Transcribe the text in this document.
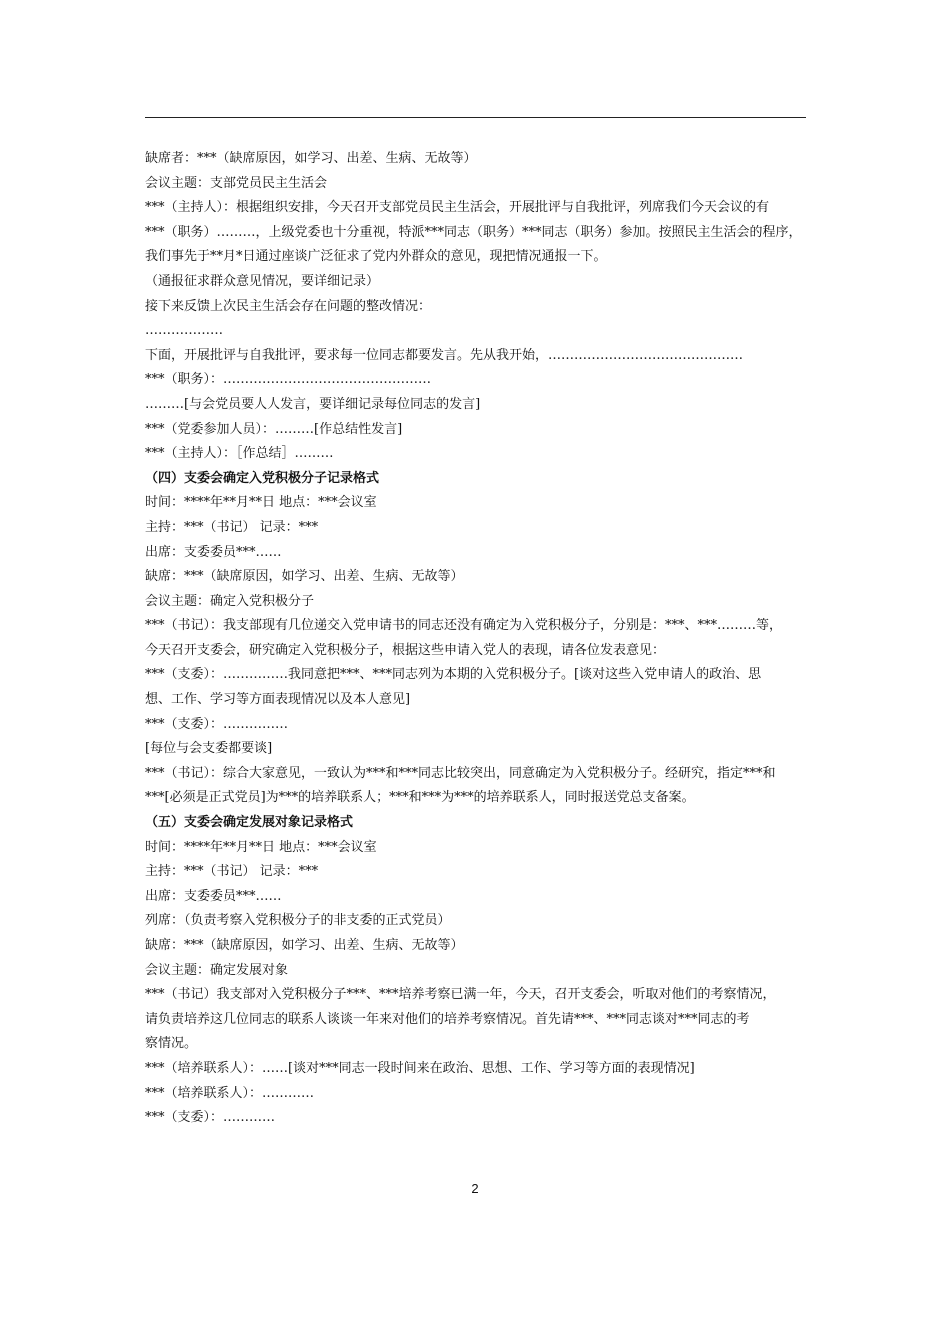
缺席者：***（缺席原因，如学习、出差、生病、无故等）
会议主题：支部党员民主生活会
***（主持人）：根据组织安排，今天召开支部党员民主生活会，开展批评与自我批评，列席我们今天会议的有
***（职务）………，上级党委也十分重视，特派***同志（职务）***同志（职务）参加。按照民主生活会的程序，
我们事先于**月*日通过座谈广泛征求了党内外群众的意见，现把情况通报一下。
（通报征求群众意见情况，要详细记录）
接下来反馈上次民主生活会存在问题的整改情况：
………………
下面，开展批评与自我批评，要求每一位同志都要发言。先从我开始，………………………………………
***（职务）：…………………………………………
………[与会党员要人人发言，要详细记录每位同志的发言]
***（党委参加人员）：………[作总结性发言]
***（主持人）：［作总结］………
（四）支委会确定入党积极分子记录格式
时间：****年**月**日 地点：***会议室
主持：***（书记） 记录：***
出席：支委委员***……
缺席：***（缺席原因，如学习、出差、生病、无故等）
会议主题：确定入党积极分子
***（书记）：我支部现有几位递交入党申请书的同志还没有确定为入党积极分子，分别是：***、***………等，
今天召开支委会，研究确定入党积极分子，根据这些申请入党人的表现，请各位发表意见：
***（支委）：……………我同意把***、***同志列为本期的入党积极分子。[谈对这些入党申请人的政治、思
想、工作、学习等方面表现情况以及本人意见]
***（支委）：……………
[每位与会支委都要谈]
***（书记）：综合大家意见，一致认为***和***同志比较突出，同意确定为入党积极分子。经研究，指定***和
***[必须是正式党员]为***的培养联系人；***和***为***的培养联系人，同时报送党总支备案。
（五）支委会确定发展对象记录格式
时间：****年**月**日 地点：***会议室
主持：***（书记） 记录：***
出席：支委委员***……
列席：（负责考察入党积极分子的非支委的正式党员）
缺席：***（缺席原因，如学习、出差、生病、无故等）
会议主题：确定发展对象
***（书记）我支部对入党积极分子***、***培养考察已满一年，今天，召开支委会，听取对他们的考察情况，
请负责培养这几位同志的联系人谈谈一年来对他们的培养考察情况。首先请***、***同志谈对***同志的考
察情况。
***（培养联系人）：……[谈对***同志一段时间来在政治、思想、工作、学习等方面的表现情况]
***（培养联系人）：…………
***（支委）：…………
2
